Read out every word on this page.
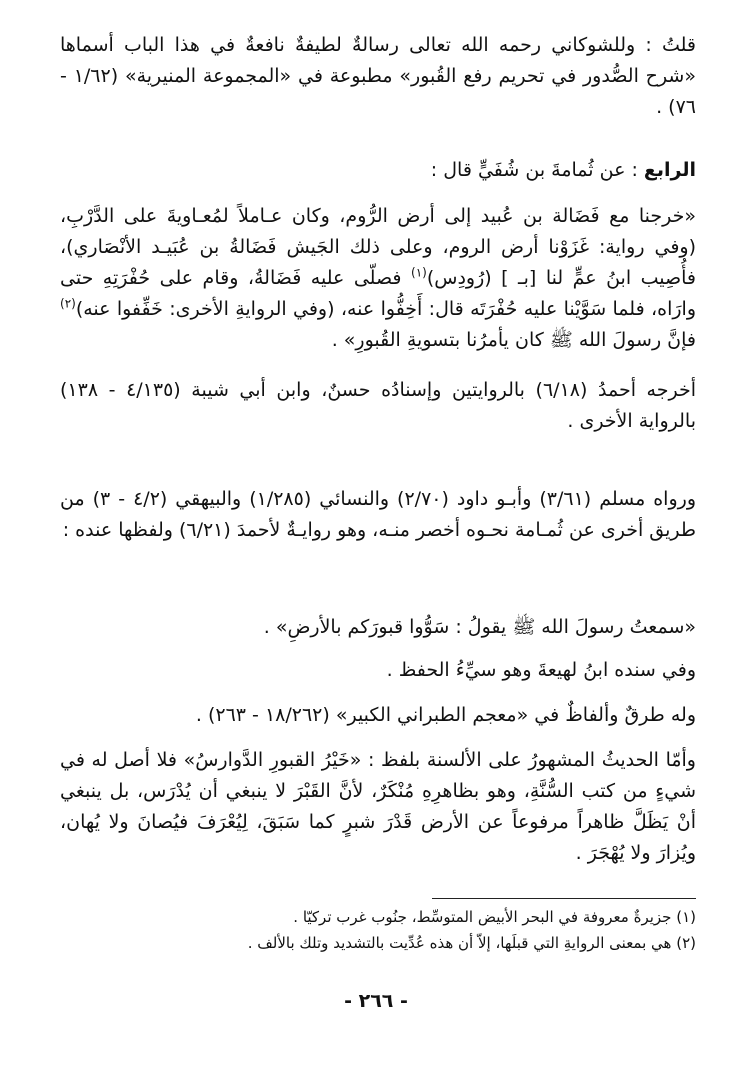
قلتُ : وللشوكاني رحمه الله تعالى رسالةٌ لطيفةٌ نافعةٌ في هذا الباب أسماها «شرح الصُّدور في تحريم رفع القُبور» مطبوعة في «المجموعة المنيرية» (١/٦٢ - ٧٦) .

الرابع : عن ثُمامةَ بن شُفَيٍّ قال :

«خرجنا مع فَضَالة بن عُبيد إلى أرض الرُّوم، وكان عـاملاً لمُعـاويةَ على الدَّرْبِ، (وفي رواية: غَزَوْنا أرض الروم، وعلى ذلك الجَيش فَضَالةُ بن عُبَيـد الأنْصَاري)، فأُصِيب ابنُ عمٍّ لنا [بـ ] (رُودِس)$^{(١)}$ فصلّى عليه فَضَالةُ، وقام على حُفْرَتِهِ حتى وارَاه، فلما سَوَّيْنا عليه حُفْرَتَه قال: أَخِفُّوا عنه، (وفي الروايةِ الأخرى: خَفِّفوا عنه)$^{(٢)}$ فإنَّ رسولَ الله ﷺ كان يأمرُنا بتسويةِ القُبورِ» .

أخرجه أحمدُ (٦/١٨) بالروايتين وإسنادُه حسنٌ، وابن أبي شيبة (٤/١٣٥ - ١٣٨) بالرواية الأخرى .

ورواه مسلم (٣/٦١) وأبـو داود (٢/٧٠) والنسائي (١/٢٨٥) والبيهقي (٤/٢ - ٣) من طريق أخرى عن ثُمـامة نحـوه أخصر منـه، وهو روايـةٌ لأحمدَ (٦/٢١) ولفظها عنده :

«سمعتُ رسولَ الله ﷺ يقولُ : سَوُّوا قبورَكم بالأرضِ» .

وفي سنده ابنُ لهيعةَ وهو سيِّءُ الحفظ .

وله طرقٌ وألفاظٌ في «معجم الطبراني الكبير» (١٨/٢٦٢ - ٢٦٣) .

وأمّا الحديثُ المشهورُ على الألسنة بلفظ : «خَيْرُ القبورِ الدَّوارسُ» فلا أصل له في شيءٍ من كتب السُّنَّةِ، وهو بظاهرِهِ مُنْكَرٌ، لأنَّ القَبْرَ لا ينبغي أن يُدْرَس، بل ينبغي أنْ يَظَلَّ ظاهراً مرفوعاً عن الأرض قَدْرَ شبرٍ كما سَبَقَ، لِيُعْرَفَ فيُصانَ ولا يُهان، ويُزارَ ولا يُهْجَرَ .

(١) جزيرةٌ معروفة في البحر الأبيض المتوسِّط، جنُوب غرب تركيّا .

(٢) هي بمعنى الروايةِ التي قبلَها، إلاّ أن هذه عُدِّيت بالتشديد وتلك بالألف .

- ٢٦٦ -
